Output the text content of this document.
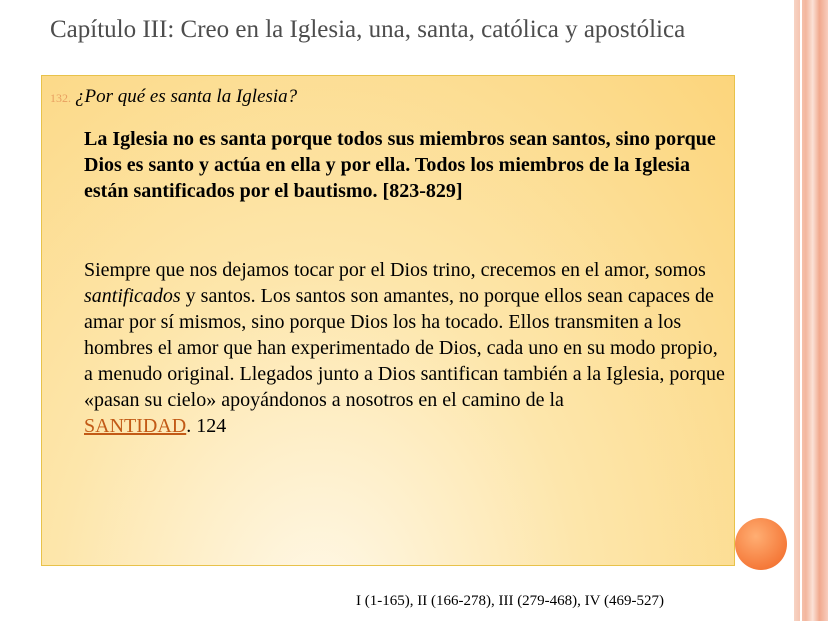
Capítulo III: Creo en la Iglesia, una, santa, católica y apostólica
132. ¿Por qué es santa la Iglesia?
La Iglesia no es santa porque todos sus miembros sean santos, sino porque Dios es santo y actúa en ella y por ella. Todos los miembros de la Iglesia están santificados por el bautismo. [823-829]
Siempre que nos dejamos tocar por el Dios trino, crecemos en el amor, somos santificados y santos. Los santos son amantes, no porque ellos sean capaces de amar por sí mismos, sino porque Dios los ha tocado. Ellos transmiten a los hombres el amor que han experimentado de Dios, cada uno en su modo propio, a menudo original. Llegados junto a Dios santifican también a la Iglesia, porque «pasan su cielo» apoyándonos a nosotros en el camino de la
SANTIDAD. 124
I (1-165), II (166-278), III (279-468), IV (469-527)
